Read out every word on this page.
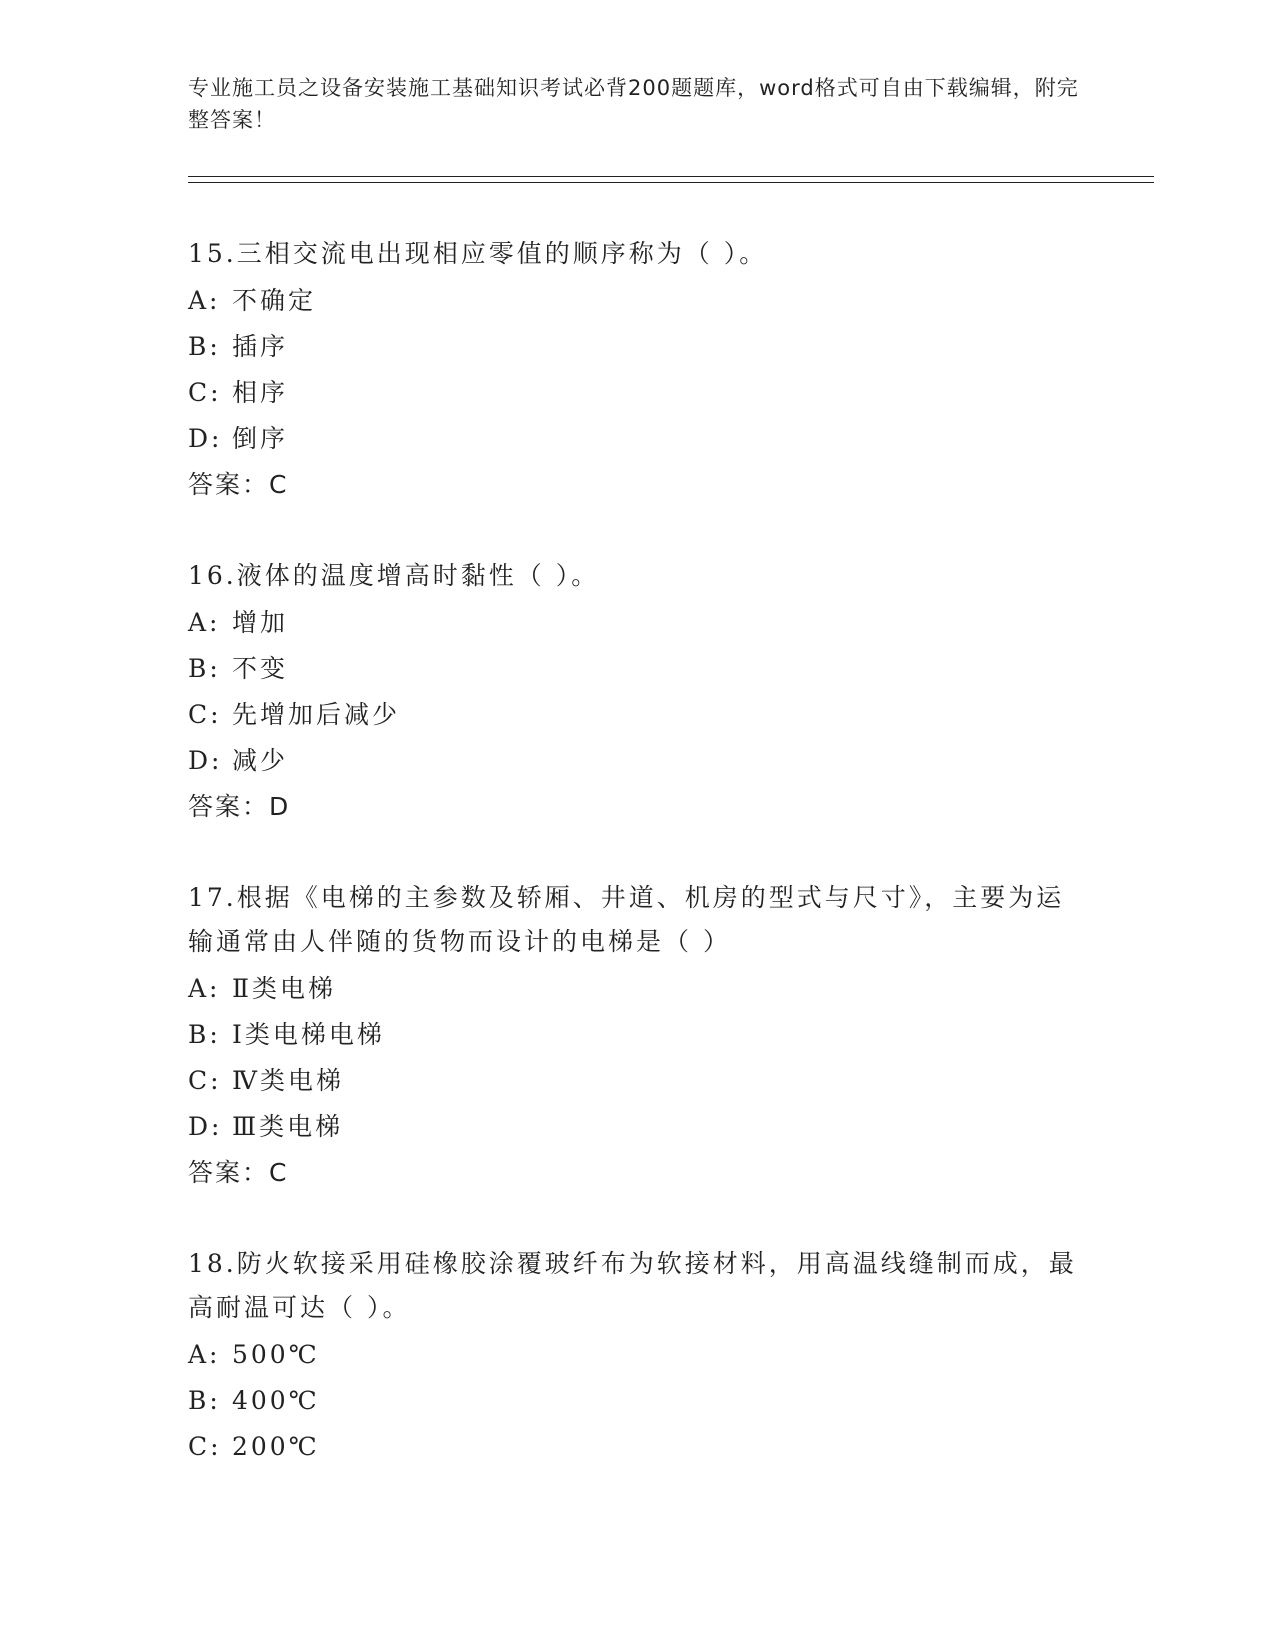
专业施工员之设备安装施工基础知识考试必背200题题库，word格式可自由下载编辑，附完整答案！
15.三相交流电出现相应零值的顺序称为（ ）。
A: 不确定
B: 插序
C: 相序
D: 倒序
答案：C
16.液体的温度增高时黏性（ ）。
A: 增加
B: 不变
C: 先增加后减少
D: 减少
答案：D
17.根据《电梯的主参数及轿厢、井道、机房的型式与尺寸》，主要为运输通常由人伴随的货物而设计的电梯是（ ）
A: Ⅱ类电梯
B: Ⅰ类电梯电梯
C: Ⅳ类电梯
D: Ⅲ类电梯
答案：C
18.防火软接采用硅橡胶涂覆玻纤布为软接材料，用高温线缝制而成，最高耐温可达（ ）。
A: 500℃
B: 400℃
C: 200℃
